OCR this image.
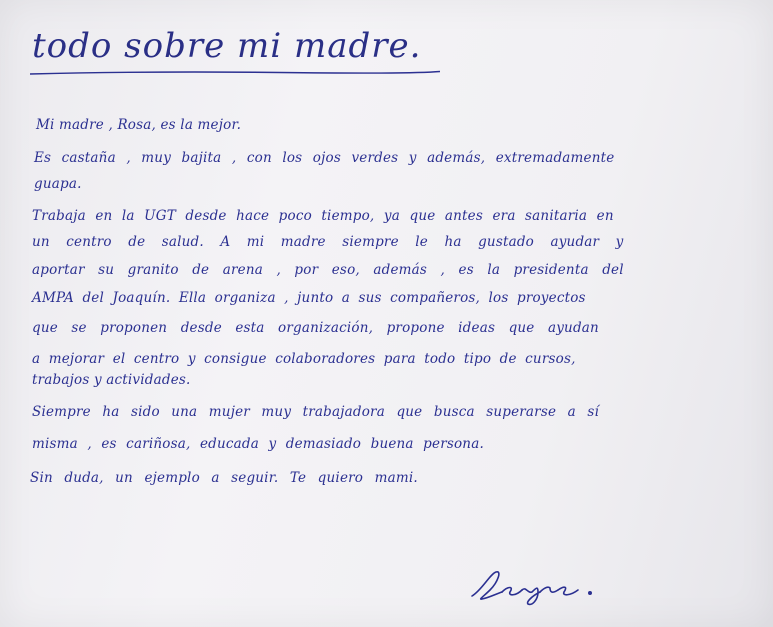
todo sobre mi madre.
Mi madre , Rosa, es la mejor.
Es castaña , muy bajita , con los ojos verdes y además, extremadamente
guapa.
Trabaja en la UGT desde hace poco tiempo, ya que antes era sanitaria en
un centro de salud. A mi madre siempre le ha gustado ayudar y
aportar su granito de arena , por eso, además , es la presidenta del
AMPA del Joaquín. Ella organiza , junto a sus compañeros, los proyectos
que se proponen desde esta organización, propone ideas que ayudan
a mejorar el centro y consigue colaboradores para todo tipo de cursos,
trabajos y actividades.
Siempre ha sido una mujer muy trabajadora que busca superarse a sí
misma , es cariñosa, educada y demasiado buena persona.
Sin duda, un ejemplo a seguir. Te quiero mami.
